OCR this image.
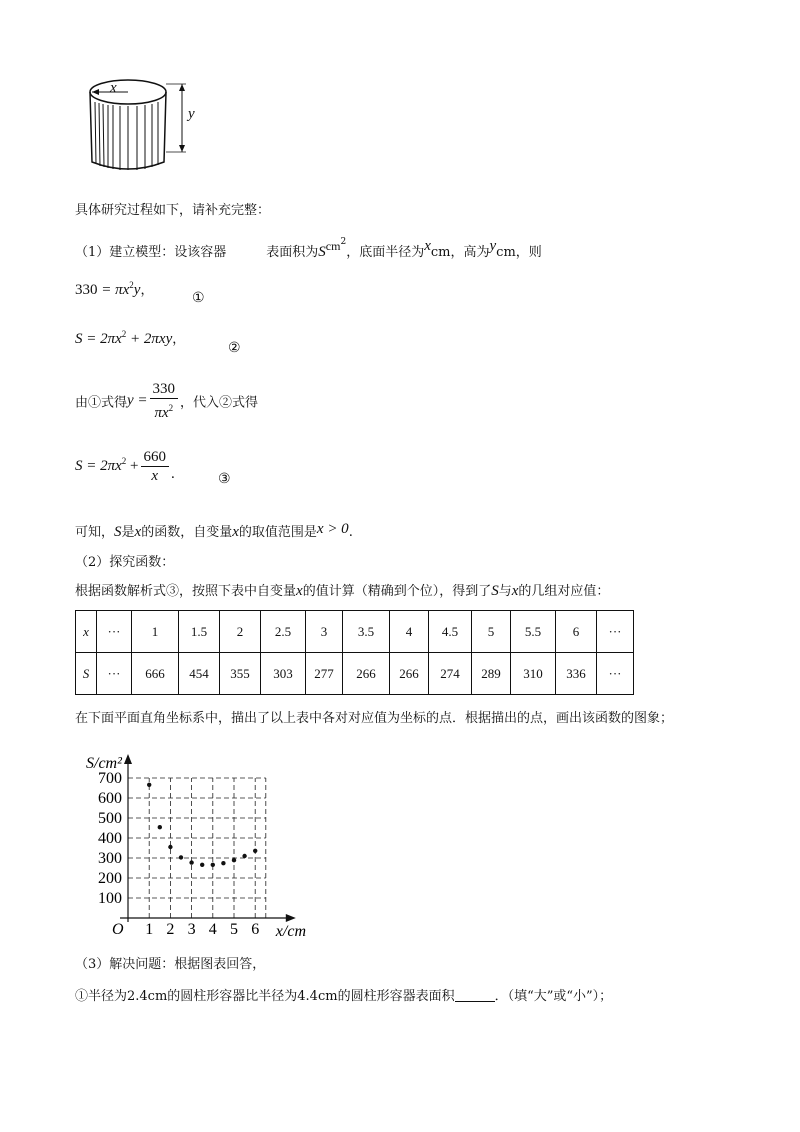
x
y
具体研究过程如下，请补充完整：
（1）建立模型：设该容器	表面积为Scm$^2$，底面半径为xcm，高为ycm，则
$330 = \pi x^2y$，	①
$S = 2\pi x^2 + 2\pi xy$，
②
由①式得$y = \frac{330}{\pi x^2}$ ，代入②式得
$S = 2\pi x^2 + \frac{660}{x}$ .	③
可知，S是x的函数，自变量x的取值范围是x > 0.
（2）探究函数：
根据函数解析式③，按照下表中自变量x的值计算（精确到个位），得到了S与x的几组对应值：
x	···	1	1.5	2	2.5	3	3.5	4	4.5	5	5.5	6	···
S	···	666	454	355	303	277	266	266	274	289	310	336	···
在下面平面直角坐标系中，描出了以上表中各对对应值为坐标的点．根据描出的点，画出该函数的图象；
1 2 3 4 5 6
100
200
300
400
500
600
700
O
S/cm²
x/cm
（3）解决问题：根据图表回答，
①半径为2.4cm的圆柱形容器比半径为4.4cm的圆柱形容器表面积	．（填“大”或“小”）；
